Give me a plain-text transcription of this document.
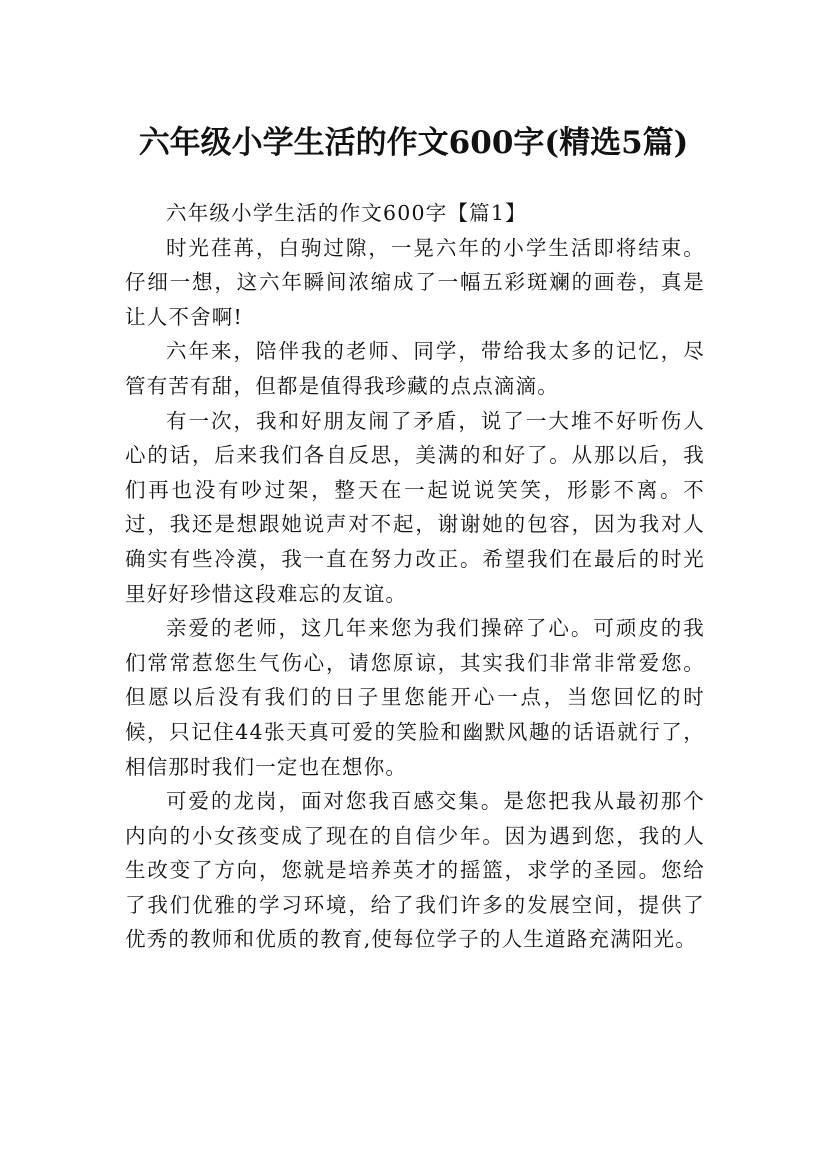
六年级小学生活的作文600字(精选5篇)
六年级小学生活的作文600字【篇1】

时光荏苒，白驹过隙，一晃六年的小学生活即将结束。仔细一想，这六年瞬间浓缩成了一幅五彩斑斓的画卷，真是让人不舍啊!

六年来，陪伴我的老师、同学，带给我太多的记忆，尽管有苦有甜，但都是值得我珍藏的点点滴滴。

有一次，我和好朋友闹了矛盾，说了一大堆不好听伤人心的话，后来我们各自反思，美满的和好了。从那以后，我们再也没有吵过架，整天在一起说说笑笑，形影不离。不过，我还是想跟她说声对不起，谢谢她的包容，因为我对人确实有些冷漠，我一直在努力改正。希望我们在最后的时光里好好珍惜这段难忘的友谊。

亲爱的老师，这几年来您为我们操碎了心。可顽皮的我们常常惹您生气伤心，请您原谅，其实我们非常非常爱您。但愿以后没有我们的日子里您能开心一点，当您回忆的时候，只记住44张天真可爱的笑脸和幽默风趣的话语就行了，相信那时我们一定也在想你。

可爱的龙岗，面对您我百感交集。是您把我从最初那个内向的小女孩变成了现在的自信少年。因为遇到您，我的人生改变了方向，您就是培养英才的摇篮，求学的圣园。您给了我们优雅的学习环境，给了我们许多的发展空间，提供了优秀的教师和优质的教育,使每位学子的人生道路充满阳光。
